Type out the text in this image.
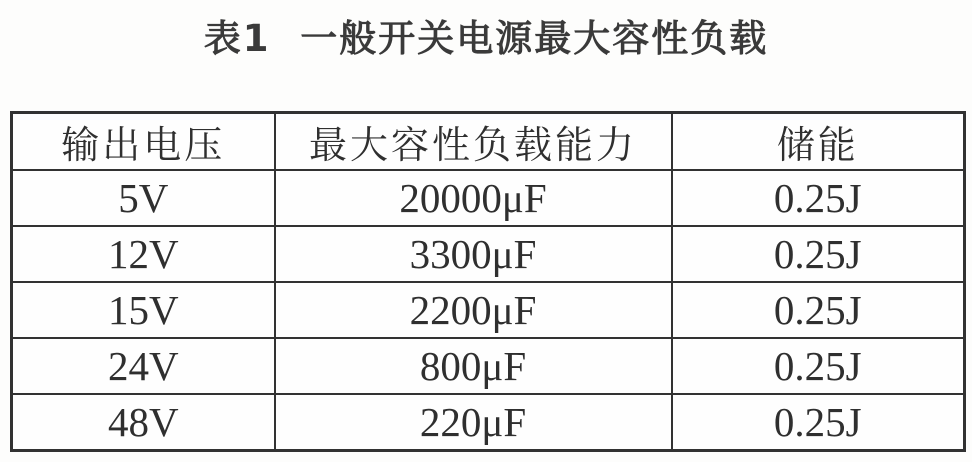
表1  一般开关电源最大容性负载
输出电压	最大容性负载能力	储能
5V	20000μF	0.25J
12V	3300μF	0.25J
15V	2200μF	0.25J
24V	800μF	0.25J
48V	220μF	0.25J
